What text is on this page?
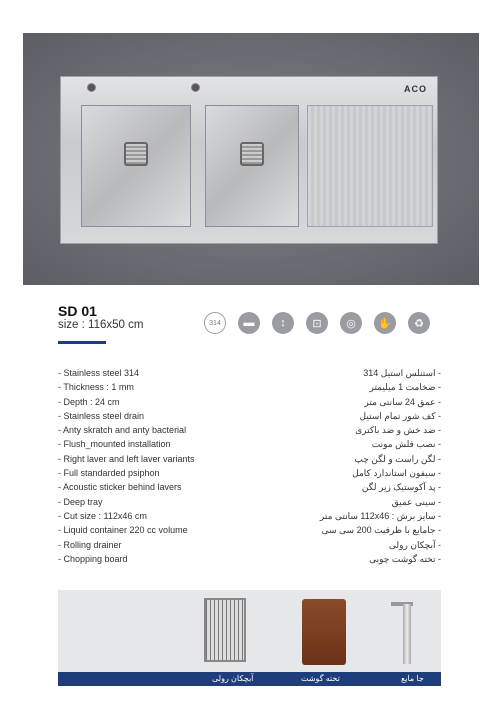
ACO
SD 01
size : 116x50 cm	314	▬	↕	⊡	◎	✋	♻
- Stainless steel 314
- Thickness : 1 mm
- Depth : 24 cm
- Stainless steel drain
- Anty skratch and anty bacterial
- Flush_mounted installation
- Right laver and left laver variants
- Full standarded psiphon
- Acoustic sticker behind lavers
- Deep tray
- Cut size : 112x46 cm
- Liquid container 220 cc volume
- Rolling drainer
- Chopping board
- استنلس استیل 314
- ضخامت 1 میلیمتر
- عمق 24 سانتی متر
- کف شور تمام استیل
- ضد خش و ضد باکتری
- نصب فلش مونت
- لگن راست و لگن چپ
- سیفون استاندارد کامل
- پد آکوستیک زیر لگن
- سینی عمیق
- سایز برش : 112x46 سانتی متر
- جامایع با ظرفیت 200 سی سی
- آبچکان رولی
- تخته گوشت چوبی
آبچکان رولی	تخته گوشت	جا مایع
